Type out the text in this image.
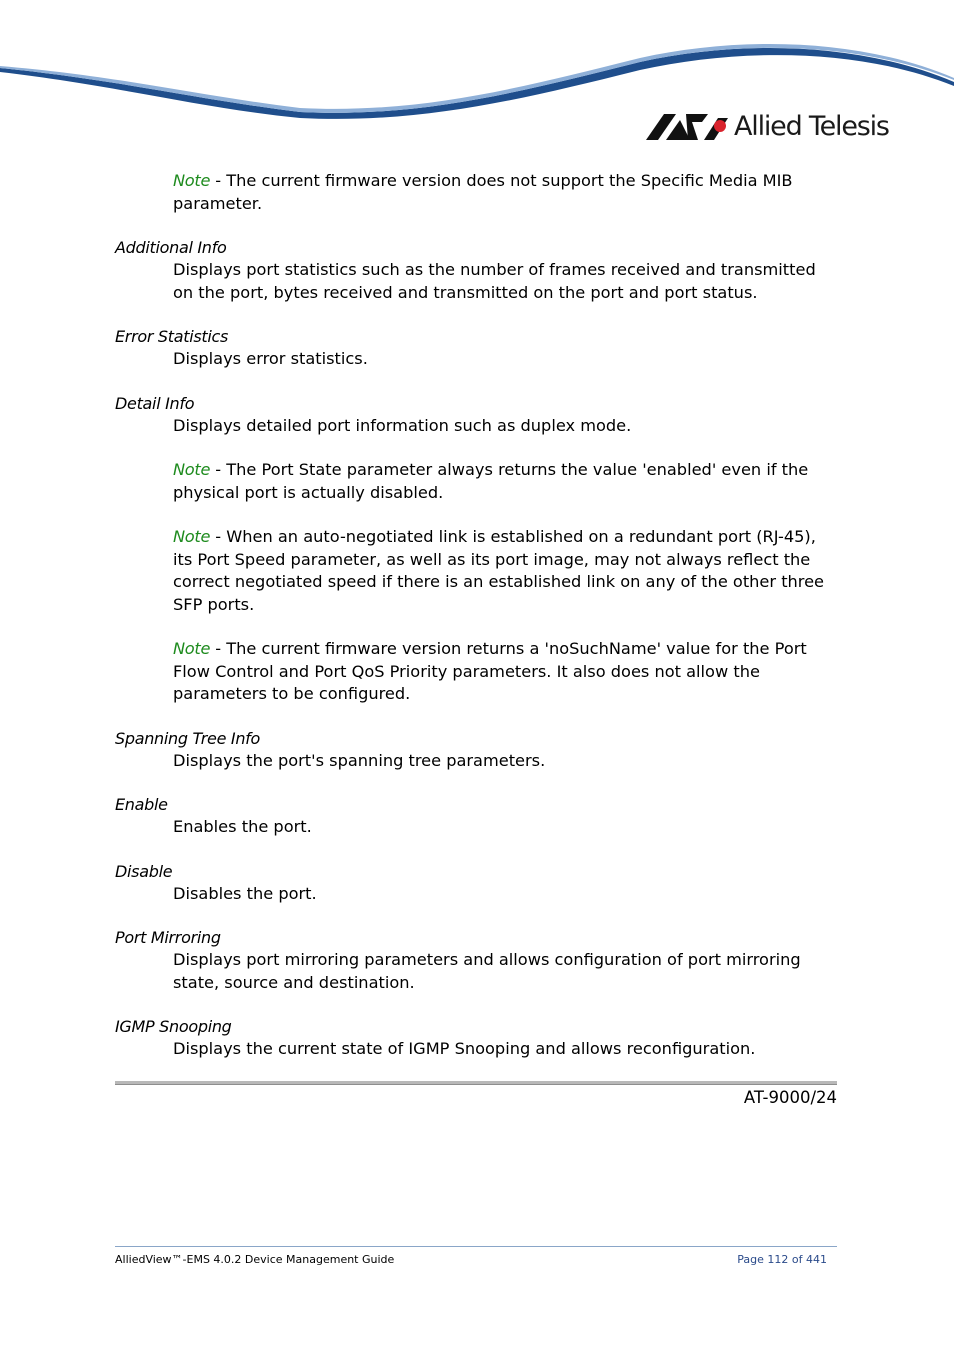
Allied Telesis

Note - The current firmware version does not support the Specific Media MIB parameter.

Additional Info

Displays port statistics such as the number of frames received and transmitted on the port, bytes received and transmitted on the port and port status.

Error Statistics

Displays error statistics.

Detail Info

Displays detailed port information such as duplex mode.

Note - The Port State parameter always returns the value 'enabled' even if the physical port is actually disabled.

Note - When an auto-negotiated link is established on a redundant port (RJ-45), its Port Speed parameter, as well as its port image, may not always reflect the correct negotiated speed if there is an established link on any of the other three SFP ports.

Note - The current firmware version returns a 'noSuchName' value for the Port Flow Control and Port QoS Priority parameters. It also does not allow the parameters to be configured.

Spanning Tree Info

Displays the port's spanning tree parameters.

Enable

Enables the port.

Disable

Disables the port.

Port Mirroring

Displays port mirroring parameters and allows configuration of port mirroring state, source and destination.

IGMP Snooping

Displays the current state of IGMP Snooping and allows reconfiguration.

AT-9000/24
AlliedView™-EMS 4.0.2 Device Management Guide	Page 112 of 441
